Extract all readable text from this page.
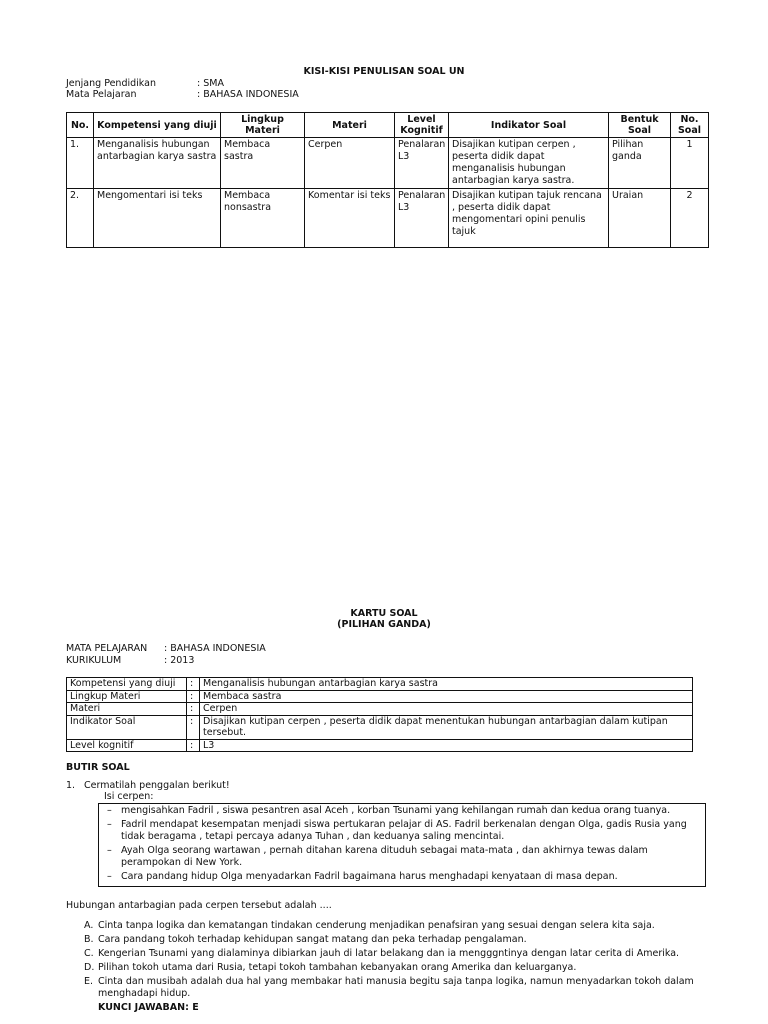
KISI-KISI PENULISAN SOAL UN
Jenjang Pendidikan	: SMA
Mata Pelajaran	: BAHASA INDONESIA
No.	Kompetensi yang diuji	Lingkup Materi	Materi	Level Kognitif	Indikator Soal	Bentuk Soal	No. Soal
1.	Menganalisis hubungan antarbagian karya sastra	Membaca sastra	Cerpen	Penalaran L3	Disajikan kutipan cerpen , peserta didik dapat menganalisis hubungan antarbagian karya sastra.	Pilihan ganda	1
2.	Mengomentari isi teks	Membaca nonsastra	Komentar isi teks	Penalaran L3	Disajikan kutipan tajuk rencana , peserta didik dapat mengomentari opini penulis tajuk	Uraian	2
KARTU SOAL
(PILIHAN GANDA)
MATA PELAJARAN : BAHASA INDONESIA
KURIKULUM	: 2013
Kompetensi yang diuji	:	Menganalisis hubungan antarbagian karya sastra
Lingkup Materi	:	Membaca sastra
Materi	:	Cerpen
Indikator Soal	:	Disajikan kutipan cerpen , peserta didik dapat menentukan hubungan antarbagian dalam kutipan tersebut.
Level kognitif	:	L3
BUTIR SOAL
1. Cermatilah penggalan berikut!
Isi cerpen:
– mengisahkan Fadril , siswa pesantren asal Aceh , korban Tsunami yang kehilangan rumah dan kedua orang tuanya.
– Fadril mendapat kesempatan menjadi siswa pertukaran pelajar di AS. Fadril berkenalan dengan Olga, gadis Rusia yang tidak beragama , tetapi percaya adanya Tuhan , dan keduanya saling mencintai.
– Ayah Olga seorang wartawan , pernah ditahan karena dituduh sebagai mata-mata , dan akhirnya tewas dalam perampokan di New York.
– Cara pandang hidup Olga menyadarkan Fadril bagaimana harus menghadapi kenyataan di masa depan.
Hubungan antarbagian pada cerpen tersebut adalah ....
A. Cinta tanpa logika dan kematangan tindakan cenderung menjadikan penafsiran yang sesuai dengan selera kita saja.
B. Cara pandang tokoh terhadap kehidupan sangat matang dan peka terhadap pengalaman.
C. Kengerian Tsunami yang dialaminya dibiarkan jauh di latar belakang dan ia mengggntinya dengan latar cerita di Amerika.
D. Pilihan tokoh utama dari Rusia, tetapi tokoh tambahan kebanyakan orang Amerika dan keluarganya.
E. Cinta dan musibah adalah dua hal yang membakar hati manusia begitu saja tanpa logika, namun menyadarkan tokoh dalam menghadapi hidup.
KUNCI JAWABAN: E
